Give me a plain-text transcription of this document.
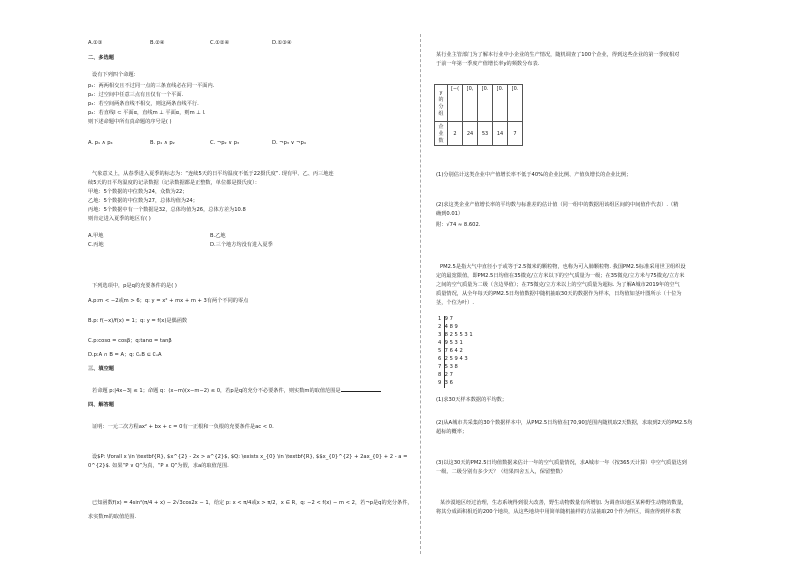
A.①③	B.②④	C.①②④	D.①③④
二、多选题
设有下列四个命题：
p₁：两两相交且不过同一点的三条直线必在同一平面内.
p₂：过空间中任意三点有且仅有一个平面.
p₃：若空间两条直线不相交，则这两条直线平行.
p₄：若直线l ⊂ 平面α，直线m ⊥ 平面α，则m ⊥ l.
则下述命题中所有真命题的序号是( )
A. p₁ ∧ p₄	B. p₁ ∧ p₂	C. ¬p₂ ∨ p₃	D. ¬p₃ ∨ ¬p₄
气象意义上，从春季进入夏季的标志为：“连续5天的日平均温度不低于22摄氏度”. 现有甲、乙、丙三地连
续5天的日平均温度的记录数据（记录数据都是正整数，单位都是摄氏度）：
甲地：5个数据的中位数为24，众数为22；
乙地：5个数据的中位数为27，总体均值为24；
丙地：5个数据中有一个数据是32，总体均值为26，总体方差为10.8
则肯定进入夏季的地区有( )
A.甲地	B.乙地
C.丙地	D.三个地方均没有进入夏季
下列选项中，p是q的充要条件的是( )
A.p:m < −2或m > 6；q: y = x² + mx + m + 3有两个不同的零点
B.p: f(−x)/f(x) = 1；q: y = f(x)是偶函数
C.p:cosα = cosβ；q:tanα = tanβ
D.p:A ∩ B = A；q: ∁ᵤB ⊆ ∁ᵤA
三、填空题
若命题 p:|4x−3| ≤ 1；命题 q：(x−m)(x−m−2) ≤ 0，若p是q的充分不必要条件，则实数m的取值范围是
四、解答题
证明：一元二次方程ax² + bx + c = 0有一正根和一负根的充要条件是ac < 0.
设$P: \forall x \in \textbf{R}, $x^{2} - 2x > a^{2}$, $Q: \exists x_{0} \in \textbf{R}, $$x_{0}^{2} + 2ax_{0} + 2 - a =
0^{2}$. 如果“P ∨ Q”为真，“P ∧ Q”为假，求a的取值范围.
已知函数f(x) = 4sin²(π/4 + x) − 2√3cos2x − 1，给定 p: x < π/4或x > π/2，x ∈ R，q: −2 < f(x) − m < 2，若¬p是q的充分条件，
求实数m的取值范围.
某行业主管部门为了解本行业中小企业的生产情况，随机调查了100个企业，得到这些企业的第一季度相对
于前一年第一季度产值增长率y的频数分布表.
y的分组	[−(	[0,	[0.	[0.	[0.
企业数	2	24	53	14	7
(1)分别估计这类企业中产值增长率不低于40%的企业比例、产值负增长的企业比例；
(2)求这类企业产值增长率的平均数与标准差的估计值（同一组中的数据用该组区间的中间值作代表）.（精
确到0.01）
附：√74 ≈ 8.602.
PM2.5是指大气中直径小于或等于2.5微米的颗粒物，也称为可入肺颗粒物. 我国PM2.5标准采用世卫组织设
定的最宽限值，即PM2.5日均值在35微克/立方米以下的空气质量为一级；在35微克/立方米与75微克/立方米
之间的空气质量为二级（含边界值）；在75微克/立方米以上的空气质量为超标. 为了解A城市2019年的空气
质量情况，从全年每天的PM2.5日均值数据中随机抽取30天的数据作为样本，日均值如茎叶图所示（十位为
茎，个位为叶）.
1 9 7
2 4 8 9
3 8 2 5 5 3 1
4 9 5 3 1
5 7 6 4 2
6 2 5 9 4 3
7 5 3 8
8 2 7
9 3 6
(1)求30天样本数据的平均数；
(2)从A城市共采集的30个数据样本中，从PM2.5日均值在[70,90]范围内随机取2天数据，求取到2天的PM2.5均
超标的概率；
(3)以这30天的PM2.5日均值数据来估计一年的空气质量情况，求A城市一年（按365天计算）中空气质量达到
一级、二级分别有多少天？（结果四舍五入，保留整数）
某沙漠地区经过治理，生态系统得到很大改善，野生动物数量有所增加. 为调查该地区某种野生动物的数量，
将其分成面积相近的200个地块，从这些地块中用简单随机抽样的方法抽取20个作为样区，调查得到样本数
